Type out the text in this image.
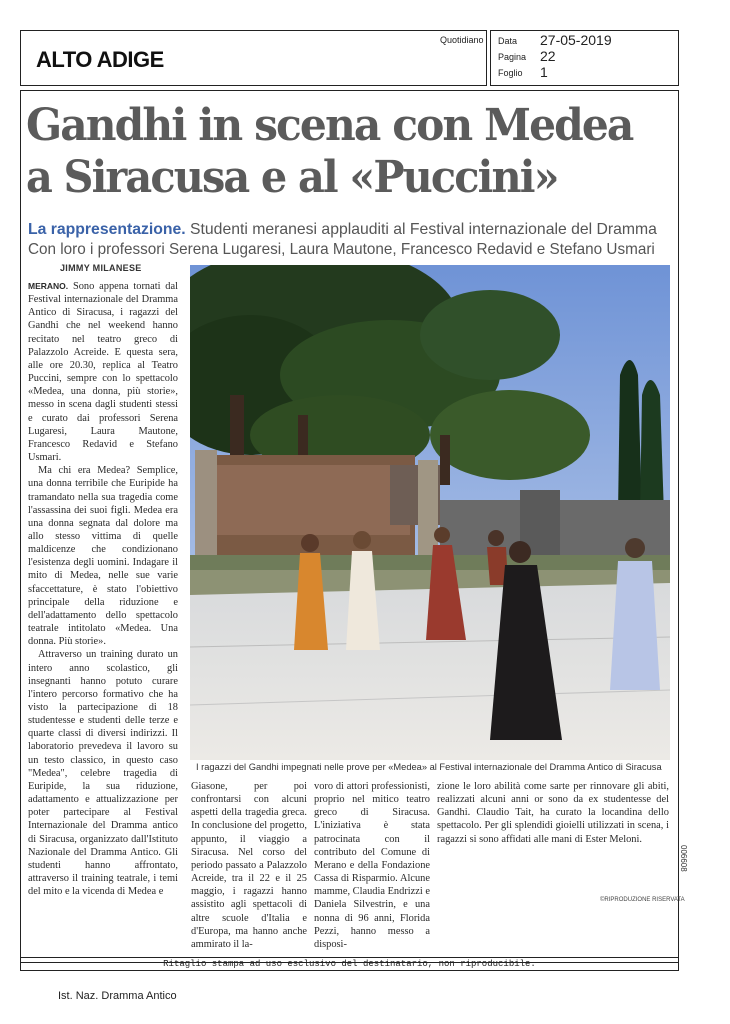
ALTO ADIGE
Quotidiano Data
Pagina
Foglio
27-05-2019
22
1
Gandhi in scena con Medea
a Siracusa e al «Puccini»
La rappresentazione. Studenti meranesi applauditi al Festival internazionale del Dramma
Con loro i professori Serena Lugaresi, Laura Mautone, Francesco Redavid e Stefano Usmari
JIMMY MILANESE
I ragazzi del Gandhi impegnati nelle prove per «Medea» al Festival internazionale del Dramma Antico di Siracusa

MERANO. Sono appena tornati dal Festival internazionale del Dramma Antico di Siracusa, i ragazzi del Gandhi che nel weekend hanno recitato nel teatro greco di Palazzolo Acreide. E questa sera, alle ore 20.30, replica al Teatro Puccini, sempre con lo spettacolo «Medea, una donna, più storie», messo in scena dagli studenti stessi e curato dai professori Serena Lugaresi, Laura Mautone, Francesco Redavid e Stefano Usmari.

Ma chi era Medea? Semplice, una donna terribile che Euripide ha tramandato nella sua tragedia come l'assassina dei suoi figli. Medea era una donna segnata dal dolore ma allo stesso vittima di quelle maldicenze che condizionano l'esistenza degli uomini. Indagare il mito di Medea, nelle sue varie sfaccettature, è stato l'obiettivo principale della riduzione e dell'adattamento dello spettacolo teatrale intitolato «Medea. Una donna. Più storie».

Attraverso un training durato un intero anno scolastico, gli insegnanti hanno potuto curare l'intero percorso formativo che ha visto la partecipazione di 18 studentesse e studenti delle terze e quarte classi di diversi indirizzi. Il laboratorio prevedeva il lavoro su un testo classico, in questo caso "Medea", celebre tragedia di Euripide, la sua riduzione, adattamento e attualizzazione per poter partecipare al Festival Internazionale del Dramma antico di Siracusa, organizzato dall'Istituto Nazionale del Dramma Antico. Gli studenti hanno affrontato, attraverso il training teatrale, i temi del mito e la vicenda di Medea e

Giasone, per poi confrontarsi con alcuni aspetti della tragedia greca. In conclusione del progetto, appunto, il viaggio a Siracusa. Nel corso del periodo passato a Palazzolo Acreide, tra il 22 e il 25 maggio, i ragazzi hanno assistito agli spettacoli di altre scuole d'Italia e d'Europa, ma hanno anche ammirato il la-

voro di attori professionisti, proprio nel mitico teatro greco di Siracusa. L'iniziativa è stata patrocinata con il contributo del Comune di Merano e della Fondazione Cassa di Risparmio. Alcune mamme, Claudia Endrizzi e Daniela Silvestrin, e una nonna di 96 anni, Florida Pezzi, hanno messo a disposi-

zione le loro abilità come sarte per rinnovare gli abiti, realizzati alcuni anni or sono da ex studentesse del Gandhi. Claudio Tait, ha curato la locandina dello spettacolo. Per gli splendidi gioielli utilizzati in scena, i ragazzi si sono affidati alle mani di Ester Meloni.

©RIPRODUZIONE RISERVATA
006608
Ritaglio stampa ad uso esclusivo del destinatario, non riproducibile.
Ist. Naz. Dramma Antico
